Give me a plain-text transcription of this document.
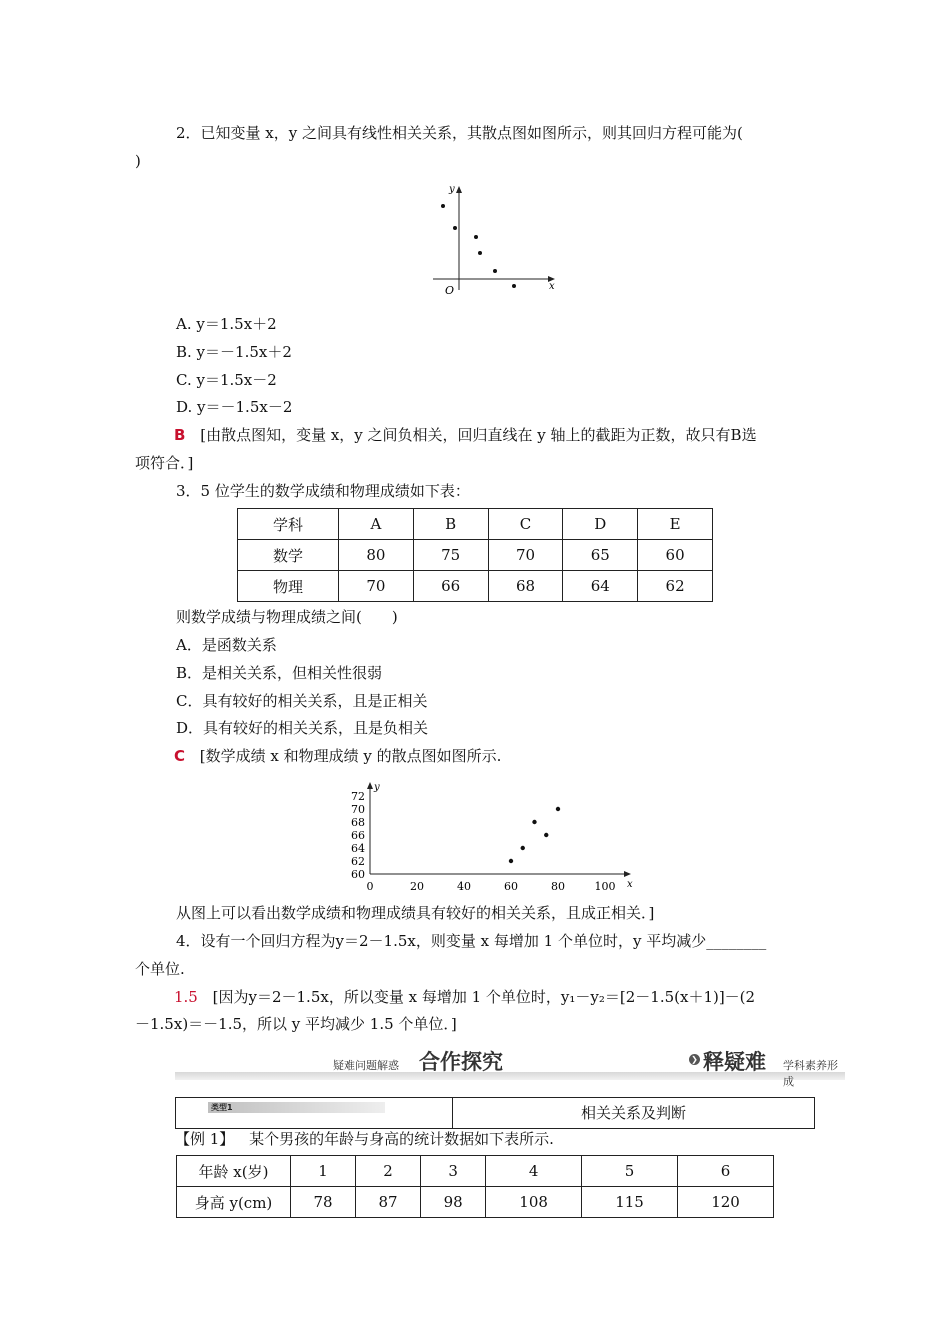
2．已知变量 x，y 之间具有线性相关关系，其散点图如图所示，则其回归方程可能为(
)
y
x
O
A. y＝1.5x＋2
B. y＝－1.5x＋2
C. y＝1.5x－2
D. y＝－1.5x－2
B [由散点图知，变量 x，y 之间负相关，回归直线在 y 轴上的截距为正数，故只有B选
项符合．]
3．5 位学生的数学成绩和物理成绩如下表：
学科	A	B	C	D	E
数学	80	75	70	65	60
物理	70	66	68	64	62
则数学成绩与物理成绩之间(　　)
A．是函数关系
B．是相关关系，但相关性很弱
C．具有较好的相关关系，且是正相关
D．具有较好的相关关系，且是负相关
C [数学成绩 x 和物理成绩 y 的散点图如图所示.
x
y
0	20	40	60	80	100
60
62
64
66
68
70
72
从图上可以看出数学成绩和物理成绩具有较好的相关关系，且成正相关．]
4．设有一个回归方程为y＝2－1.5x，则变量 x 每增加 1 个单位时，y 平均减少________
个单位.
1.5 [因为y＝2－1.5x，所以变量 x 每增加 1 个单位时，y₁－y₂＝[2－1.5(x＋1)]－(2
－1.5x)＝－1.5，所以 y 平均减少 1.5 个单位．]
疑难问题解惑 合作探究	❯ 释疑难 学科素养形成
类型1	相关关系及判断
【例 1】 某个男孩的年龄与身高的统计数据如下表所示.
年龄 x(岁)	1	2	3	4	5	6
身高 y(cm)	78	87	98	108	115	120
